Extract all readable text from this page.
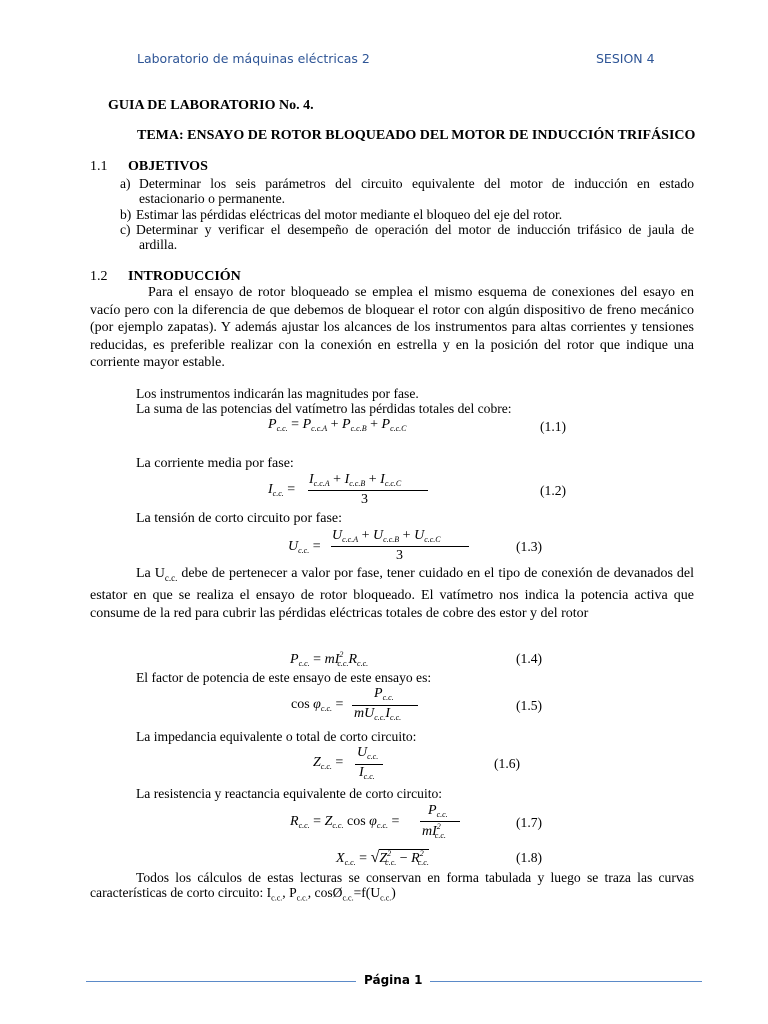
Laboratorio de máquinas eléctricas 2	SESION 4
GUIA DE LABORATORIO No. 4.
TEMA: ENSAYO DE ROTOR BLOQUEADO DEL MOTOR DE INDUCCIÓN TRIFÁSICO
1.1 OBJETIVOS
a) Determinar los seis parámetros del circuito equivalente del motor de inducción en estado
estacionario o permanente.
b) Estimar las pérdidas eléctricas del motor mediante el bloqueo del eje del rotor.
c) Determinar y verificar el desempeño de operación del motor de inducción trifásico de jaula de
ardilla.
1.2 INTRODUCCIÓN
Para el ensayo de rotor bloqueado se emplea el mismo esquema de conexiones del esayo en vacío pero con la diferencia de que debemos de bloquear el rotor con algún dispositivo de freno mecánico (por ejemplo zapatas). Y además ajustar los alcances de los instrumentos para altas corrientes y tensiones reducidas, es preferible realizar con la conexión en estrella y en la posición del rotor que indique una corriente mayor estable.
Los instrumentos indicarán las magnitudes por fase.
La suma de las potencias del vatímetro las pérdidas totales del cobre:
$P_{c.c.} = P_{c.c.A} + P_{c.c.B} + P_{c.c.C}$	(1.1)
La corriente media por fase:
$I_{c.c.}$ =
$I_{c.c.A} + I_{c.c.B} + I_{c.c.C}$
3
(1.2)
La tensión de corto circuito por fase:
$U_{c.c.}$ =
$U_{c.c.A} + U_{c.c.B} + U_{c.c.C}$
3
(1.3)
La $U_{c.c.}$ debe de pertenecer a valor por fase, tener cuidado en el tipo de conexión de devanados del estator en que se realiza el ensayo de rotor bloqueado. El vatímetro nos indica la potencia activa que consume de la red para cubrir las pérdidas eléctricas totales de cobre des estor y del rotor
$P_{c.c.} = mI^2_{c.c.}R_{c.c.}$	(1.4)
El factor de potencia de este ensayo de este ensayo es:
$\cos \varphi_{c.c.}$ =
$P_{c.c.}$
$mU_{c.c.}I_{c.c.}$
(1.5)
La impedancia equivalente o total de corto circuito:
$Z_{c.c.}$ =
$U_{c.c.}$
$I_{c.c.}$
(1.6)
La resistencia y reactancia equivalente de corto circuito:
$R_{c.c.} = Z_{c.c.}$ $\cos \varphi_{c.c.}$ =
$P_{c.c.}$
$mI^2_{c.c.}$
(1.7)
$X_{c.c.} = √Z^2_{c.c.} - R^2_{c.c.}$	(1.8)
Todos los cálculos de estas lecturas se conservan en forma tabulada y luego se traza las curvas características de corto circuito: $I_{c.c.}$, $P_{c.c.}$, $\cos Ø_{c.c.}=f(U_{c.c.})$
Página 1
